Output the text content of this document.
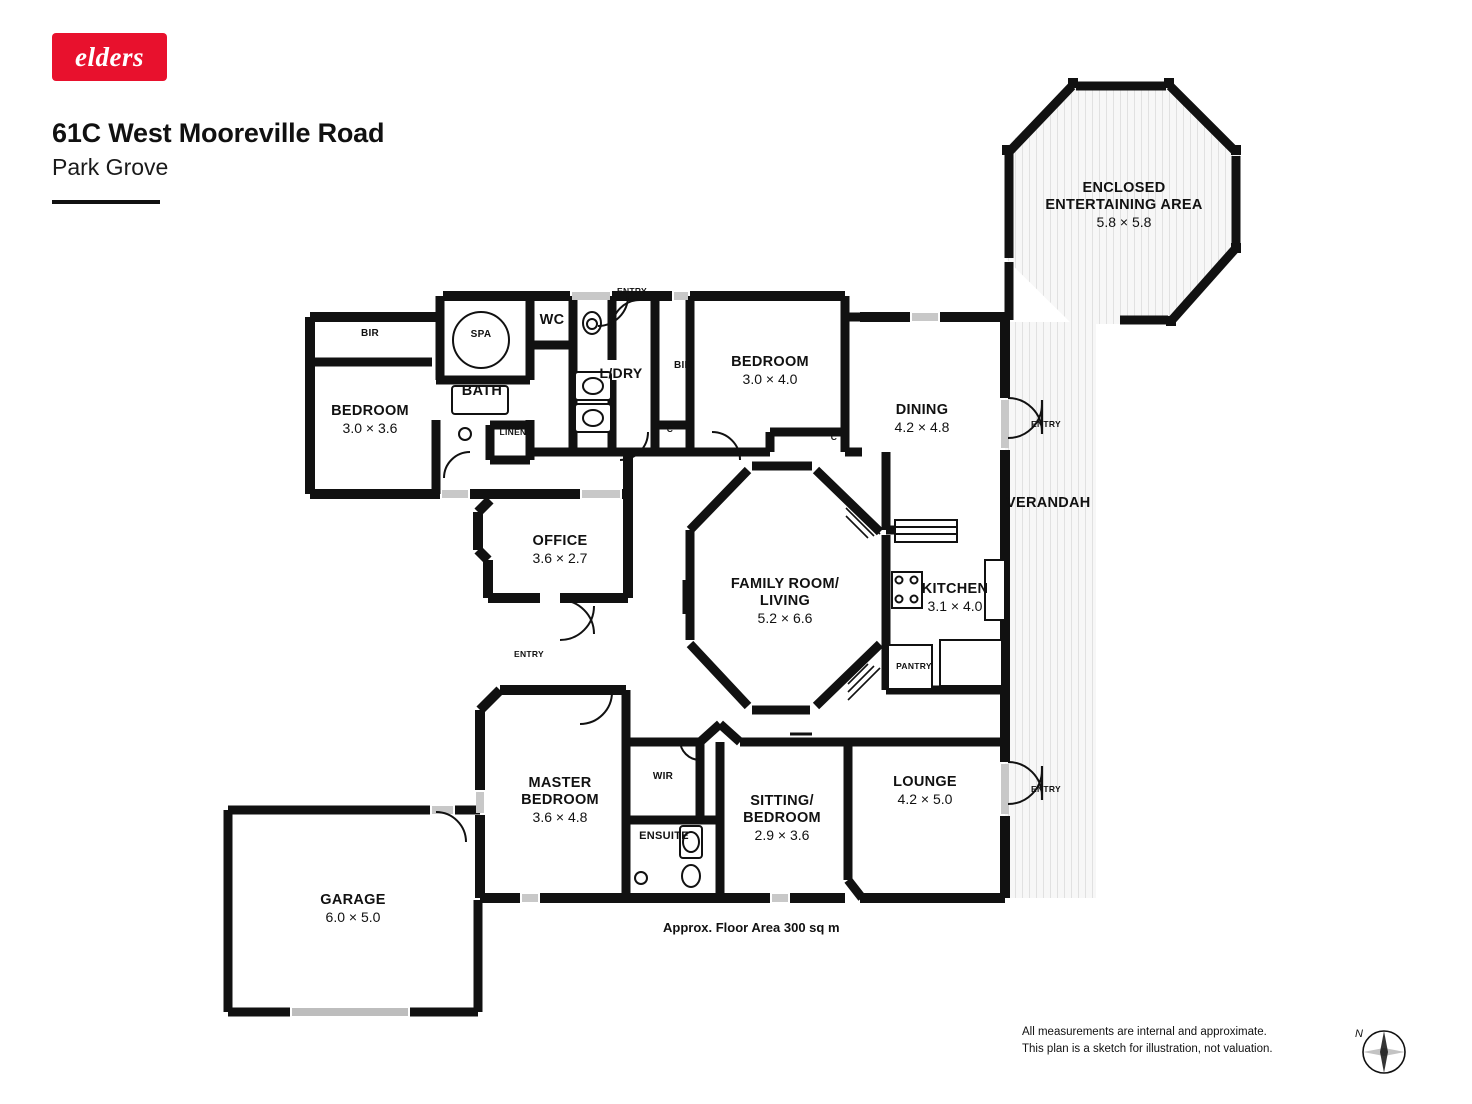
elders
61C West Mooreville Road
Park Grove
ENCLOSED
ENTERTAINING AREA
5.8 × 5.8
BEDROOM
3.0 × 4.0
DINING
4.2 × 4.8
BEDROOM
3.0 × 3.6
BATH
WC
L/DRY
SPA
BIR
BIR
LINEN	C
C
OFFICE
3.6 × 2.7
FAMILY ROOM/
LIVING
5.2 × 6.6
KITCHEN
3.1 × 4.0
PANTRY
VERANDAH
MASTER
BEDROOM
3.6 × 4.8
WIR
ENSUITE
SITTING/
BEDROOM
2.9 × 3.6
LOUNGE
4.2 × 5.0
GARAGE
6.0 × 5.0
ENTRY
ENTRY
ENTRY
ENTRY
Approx. Floor Area 300 sq m
All measurements are internal and approximate.
This plan is a sketch for illustration, not valuation.
N
